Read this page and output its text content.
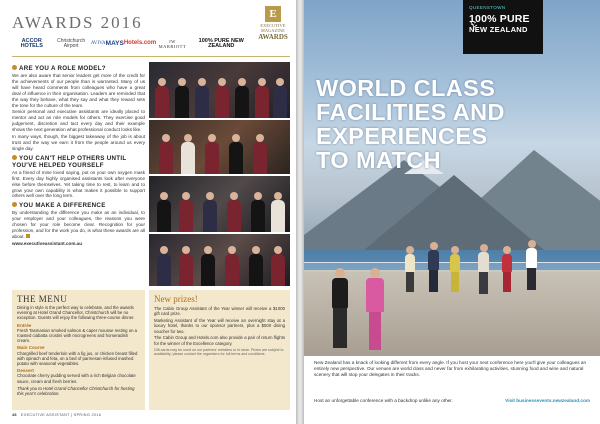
AWARDS 2016	E
EXECUTIVE
MAGAZINE
AWARDS
ACCOR HOTELS
Christchurch Airport	AVIVA MAYS Hotels.com	JW MARRIOTT
100% PURE NEW ZEALAND
ARE YOU A ROLE MODEL?

We are also aware that senior leaders get more of the credit for the achievements of our people than is warranted. Many of us will have heard comments from colleagues who have a great deal of influence in their organisation. Leaders are reminded that the way they behave, what they say and what they reward sets the tone for the culture of the team.

Senior personal and executive assistants are ideally placed to mentor and act as role models for others. They exercise good judgement, discretion and tact every day and their example shows the next generation what professional conduct looks like.

In many ways, though, the biggest takeaway of the job is about trust and the way we earn it from the people around us every single day.

YOU CAN'T HELP OTHERS UNTIL YOU'VE HELPED YOURSELF

As a friend of mine loved saying, put on your own oxygen mask first. Every day highly organised assistants look after everyone else before themselves. Yet taking time to rest, to learn and to grow your own capability is what makes it possible to support others well over the long term.

YOU MAKE A DIFFERENCE

By understanding the difference you make as an individual, to your employer and your colleagues, the reasons you were chosen for your role become clear. Recognition for your profession, and for the work you do, is what these awards are all about.

www.executiveassistant.com.au

THE MENU

Dining in style is the perfect way to celebrate, and the awards evening at Hotel Grand Chancellor, Christchurch will be no exception. Guests will enjoy the following three-course dinner.

Entrée

Fresh Tasmanian smoked salmon & caper mousse resting on a roasted ciabatta crostini with microgreens and horseradish cream.

Main Course

Chargrilled beef tenderloin with a fig jus, or chicken breast filled with spinach and feta, on a bed of parmesan-infused mashed potato with seasonal vegetables.

Dessert

Chocolate cherry pudding served with a rich Belgian chocolate sauce, cream and fresh berries.

Thank you to Hotel Grand Chancellor Christchurch for hosting this year's celebration.

New prizes!

The Cabin Group Assistant of the Year winner will receive a $1000 gift card prize.

Marketing Assistant of the Year will receive an overnight stay at a luxury hotel, thanks to our sponsor partners, plus a $500 dining voucher for two.

The Cabin Group and Hotels.com also provide a pair of return flights for the winner of the Excellence category.

Gift cards may be used on our partners' websites or in store. Prizes are subject to availability; please contact the organisers for full terms and conditions.

48 EXECUTIVE ASSISTANT | SPRING 2016
QUEENSTOWN
100% PURE
NEW ZEALAND
WORLD CLASS
FACILITIES AND
EXPERIENCES
TO MATCH

New Zealand has a knack of looking different from every angle. If you host your next conference here you'll give your colleagues an entirely new perspective. Our venues are world class and never far from exhilarating activities, stunning food and wine and natural scenery that will stop your delegates in their tracks.

Host an unforgettable conference with a backdrop unlike any other.	Visit businessevents.newzealand.com
